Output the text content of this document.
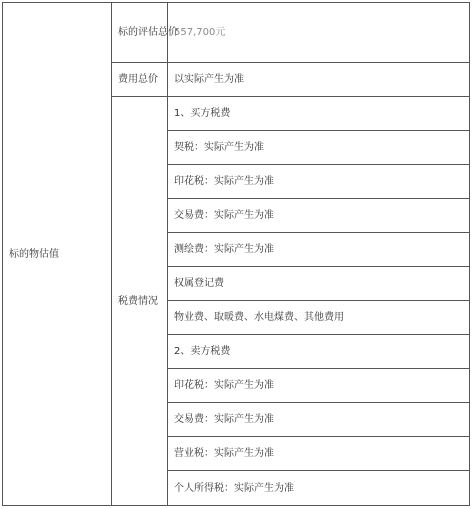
标的物估值	标的评估总价	557,700元
	费用总价	以实际产生为准
	税费情况	1、买方税费
		契税：实际产生为准
		印花税：实际产生为准
		交易费：实际产生为准
		测绘费：实际产生为准
		权属登记费
		物业费、取暖费、水电煤费、其他费用
		2、卖方税费
		印花税：实际产生为准
		交易费：实际产生为准
		营业税：实际产生为准
		个人所得税：实际产生为准
